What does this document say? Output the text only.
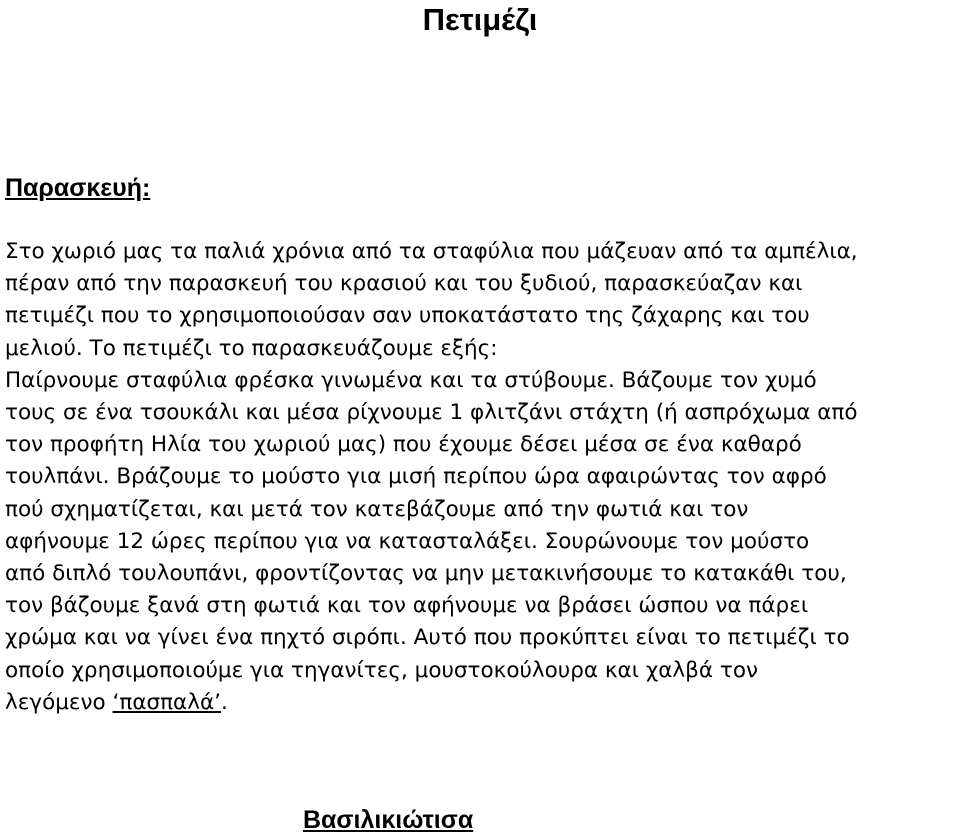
Πετιμέζι
Παρασκευή:
Στο χωριό μας τα παλιά χρόνια από τα σταφύλια που μάζευαν από τα αμπέλια,
πέραν από την παρασκευή του κρασιού και του ξυδιού, παρασκεύαζαν και
πετιμέζι που το χρησιμοποιούσαν σαν υποκατάστατο της ζάχαρης και του
μελιού. Το πετιμέζι το παρασκευάζουμε εξής:
Παίρνουμε σταφύλια φρέσκα γινωμένα και τα στύβουμε. Βάζουμε τον χυμό
τους σε ένα τσουκάλι και μέσα ρίχνουμε 1 φλιτζάνι στάχτη (ή ασπρόχωμα από
τον προφήτη Ηλία του χωριού μας) που έχουμε δέσει μέσα σε ένα καθαρό
τουλπάνι. Βράζουμε το μούστο για μισή περίπου ώρα αφαιρώντας τον αφρό
πού σχηματίζεται, και μετά τον κατεβάζουμε από την φωτιά και τον
αφήνουμε 12 ώρες περίπου για να κατασταλάξει. Σουρώνουμε τον μούστο
από διπλό τουλουπάνι, φροντίζοντας να μην μετακινήσουμε το κατακάθι του,
τον βάζουμε ξανά στη φωτιά και τον αφήνουμε να βράσει ώσπου να πάρει
χρώμα και να γίνει ένα πηχτό σιρόπι. Αυτό που προκύπτει είναι το πετιμέζι το
οποίο χρησιμοποιούμε για τηγανίτες, μουστοκούλουρα και χαλβά τον
λεγόμενο ‘πασπαλά’.
Βασιλικιώτισα
